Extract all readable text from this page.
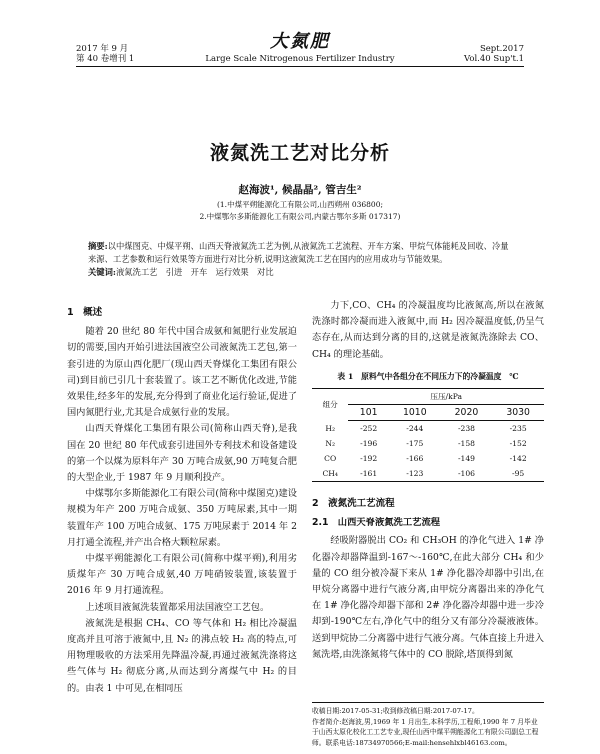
2017 年 9 月
第 40 卷增刊 1
大氮肥
Large Scale Nitrogenous Fertilizer Industry
Sept.2017
Vol.40 Sup't.1
液氮洗工艺对比分析
赵海波¹, 候晶晶², 管吉生²
(1.中煤平朔能源化工有限公司,山西朔州 036800;
2.中煤鄂尔多斯能源化工有限公司,内蒙古鄂尔多斯 017317)
摘要:以中煤图克、中煤平朔、山西天脊液氮洗工艺为例,从液氮洗工艺流程、开车方案、甲烷气体能耗及回收、冷量来源、工艺参数和运行效果等方面进行对比分析,说明这液氮洗工艺在国内的应用成功与节能效果。
关键词:液氮洗工艺　引进　开车　运行效果　对比
1　概述

随着 20 世纪 80 年代中国合成氨和氮肥行业发展迫切的需要,国内开始引进法国液空公司液氮洗工艺包,第一套引进的为原山西化肥厂(现山西天脊煤化工集团有限公司)到目前已引几十套装置了。该工艺不断优化改进,节能效果佳,经多年的发展,充分得到了商业化运行验证,促进了国内氮肥行业,尤其是合成氨行业的发展。

山西天脊煤化工集团有限公司(简称山西天脊),是我国在 20 世纪 80 年代成套引进国外专利技术和设备建设的第一个以煤为原料年产 30 万吨合成氨,90 万吨复合肥的大型企业,于 1987 年 9 月顺利投产。

中煤鄂尔多斯能源化工有限公司(简称中煤图克)建设规模为年产 200 万吨合成氨、350 万吨尿素,其中一期装置年产 100 万吨合成氨、175 万吨尿素于 2014 年 2 月打通全流程,并产出合格大颗粒尿素。

中煤平朔能源化工有限公司(简称中煤平朔),利用劣质煤年产 30 万吨合成氨,40 万吨硝铵装置,该装置于 2016 年 9 月打通流程。

上述项目液氮洗装置都采用法国液空工艺包。

液氮洗是根据 CH₄、CO 等气体和 H₂ 相比冷凝温度高并且可溶于液氮中,且 N₂ 的沸点较 H₂ 高的特点,可用物理吸收的方法采用先降温冷凝,再通过液氮洗涤将这些气体与 H₂ 彻底分离,从而达到分离煤气中 H₂ 的目的。由表 1 中可见,在相同压

力下,CO、CH₄ 的冷凝温度均比液氮高,所以在液氮洗涤时都冷凝而进入液氮中,而 H₂ 因冷凝温度低,仍呈气态存在,从而达到分离的目的,这就是液氮洗涤除去 CO、CH₄ 的理论基础。

表 1　原料气中各组分在不同压力下的冷凝温度　℃
组分	压压/kPa			
	101	1010	2020	3030
H₂	-252	-244	-238	-235
N₂	-196	-175	-158	-152
CO	-192	-166	-149	-142
CH₄	-161	-123	-106	-95
2　液氮洗工艺流程
2.1　山西天脊液氮洗工艺流程

经吸附器脱出 CO₂ 和 CH₃OH 的净化气进入 1# 净化器冷却器降温到-167～-160℃,在此大部分 CH₄ 和少量的 CO 组分被冷凝下来从 1# 净化器冷却器中引出,在甲烷分离器中进行气液分离,由甲烷分离器出来的净化气在 1# 净化器冷却器下部和 2# 净化器冷却器中进一步冷却到-190℃左右,净化气中的组分又有部分冷凝液液体。送到甲烷协二分离器中进行气液分离。气体直接上升进入氮洗塔,由洗涤氮将气体中的 CO 脱除,塔顶得到氮

收稿日期:2017-05-31;收到修改稿日期:2017-07-17。
作者简介:赵海波,男,1969 年 1 月出生,本科学历,工程师,1990 年 7 月毕业于山西太原化校化工工艺专业,现任山西中煤平朔能源化工有限公司副总工程师。联系电话:18734970566;E-mail:hensehlxbl46163.com。
